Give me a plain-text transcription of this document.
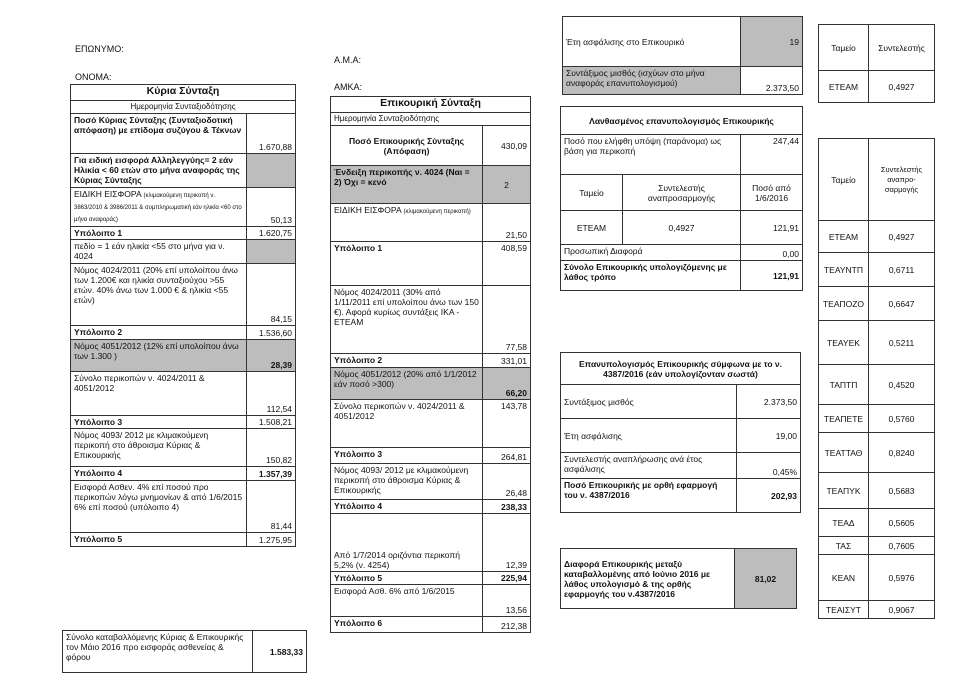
ΕΠΩΝΥΜΟ:
ΟΝΟΜΑ:
Α.Μ.Α:
ΑΜΚΑ:
Κύρια Σύνταξη	
Ημερομηνία Συνταξιοδότησης	
Ποσό Κύριας Σύνταξης (Συνταξιοδοτική απόφαση) με επίδομα συζύγου & Τέκνων	1.670,88
Για ειδική εισφορά Αλληλεγγύης= 2 εάν Ηλικία < 60 ετών στο μήνα αναφοράς της Κύριας Σύνταξης	
ΕΙΔΙΚΗ ΕΙΣΦΟΡΑ (κλιμακούμενη περικοπή ν. 3863/2010 & 3986/2011 & συμπληρωματική εάν ηλικία <60 στο μήνα αναφοράς)	50,13
Υπόλοιπο 1	1.620,75
πεδίο = 1 εάν ηλικία <55 στο μήνα για ν. 4024	
Νόμος 4024/2011 (20% επί υπολοίπου άνω των 1.200€ και ηλικία συνταξιούχου >55 ετών. 40% άνω των 1.000 € & ηλικία <55 ετών)	84,15
Υπόλοιπο 2	1.536,60
Νόμος 4051/2012 (12% επί υπολοίπου άνω των 1.300 )	28,39
Σύνολο περικοπών ν. 4024/2011 & 4051/2012	112,54
Υπόλοιπο 3	1.508,21
Νόμος 4093/ 2012 με κλιμακούμενη περικοπή στο άθροισμα Κύριας & Επικουρικής	150,82
Υπόλοιπο 4	1.357,39
Εισφορά Ασθεν. 4% επί ποσού προ περικοπών λόγω μνημονίων & από 1/6/2015 6% επί ποσού (υπόλοιπο 4)	81,44
Υπόλοιπο 5	1.275,95
Σύνολο καταβαλλόμενης Κύριας & Επικουρικής τον Μάιο 2016 προ εισφοράς ασθενείας & φόρου	1.583,33
Επικουρική Σύνταξη	
Ημερομηνία Συνταξιοδότησης	
Ποσό Επικουρικής Σύνταξης (Απόφαση)	430,09
Ένδειξη περικοπής ν. 4024 (Ναι = 2) Όχι = κενό	2
ΕΙΔΙΚΗ ΕΙΣΦΟΡΑ (κλιμακούμενη περικοπή)	21,50
Υπόλοιπο 1	408,59
Νόμος 4024/2011 (30% από 1/11/2011 επί υπολοίπου άνω των 150 €). Αφορά κυρίως συντάξεις ΙΚΑ - ΕΤΕΑΜ	77,58
Υπόλοιπο 2	331,01
Νόμος 4051/2012 (20% από 1/1/2012 εάν ποσό >300)	66,20
Σύνολο περικοπών ν. 4024/2011 & 4051/2012	143,78
Υπόλοιπο 3	264,81
Νόμος 4093/ 2012 με κλιμακούμενη περικοπή στο άθροισμα Κύριας & Επικουρικής	26,48
Υπόλοιπο 4	238,33
Από 1/7/2014 οριζόντια περικοπή 5,2% (ν. 4254)	12,39
Υπόλοιπο 5	225,94
Εισφορά Ασθ. 6% από 1/6/2015	13,56
Υπόλοιπο 6	212,38
Έτη ασφάλισης στο Επικουρικό	19
Συντάξιμος μισθός (ισχύων στο μήνα αναφοράς επανυπολογισμού)	2.373,50
Λανθασμένος επανυπολογισμός Επικουρικής		
Ποσό που ελήφθη υπόψη (παράνομα) ως βάση για περικοπή		247,44
Ταμείο	Συντελεστής αναπροσαρμογής	Ποσό από 1/6/2016
ΕΤΕΑΜ	0,4927	121,91
Προσωπική Διαφορά		0,00
Σύνολο Επικουρικής υπολογιζόμενης με λάθος τρόπο		121,91
Επανυπολογισμός Επικουρικής σύμφωνα με το ν. 4387/2016 (εάν υπολογίζονταν σωστά)	
Συντάξιμος μισθός	2.373,50
Έτη ασφάλισης	19,00
Συντελεστής αναπλήρωσης ανά έτος ασφάλισης	0,45%
Ποσό Επικουρικής με ορθή εφαρμογή του ν. 4387/2016	202,93
Διαφορά Επικουρικής μεταξύ καταβαλλομένης από Ιούνιο 2016 με λάθος υπολογισμό & της ορθής εφαρμογής του ν.4387/2016	81,02
Ταμείο	Συντελεστής
ΕΤΕΑΜ	0,4927
Ταμείο	Συντελεστής αναπρο-σαρμογής
ΕΤΕΑΜ	0,4927
ΤΕΑΥΝΤΠ	0,6711
ΤΕΑΠΟΖΟ	0,6647
ΤΕΑΥΕΚ	0,5211
ΤΑΠΤΠ	0,4520
ΤΕΑΠΕΤΕ	0,5760
ΤΕΑΤΤΑΘ	0,8240
ΤΕΑΠΥΚ	0,5683
ΤΕΑΔ	0,5605
ΤΑΣ	0,7605
ΚΕΑΝ	0,5976
ΤΕΑΙΣΥΤ	0,9067
